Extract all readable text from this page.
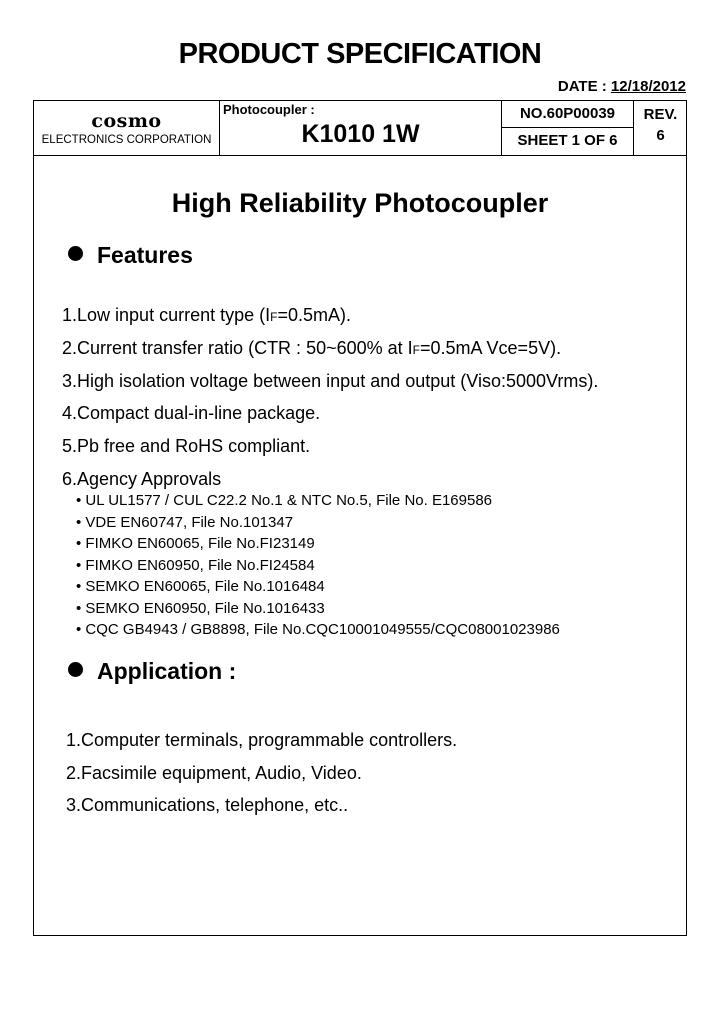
PRODUCT SPECIFICATION
DATE : 12/18/2012
cosmo
ELECTRONICS CORPORATION
Photocoupler :
K1010 1W
NO.60P00039
SHEET 1 OF 6
REV.
6
High Reliability Photocoupler
Features
1.Low input current type (IF=0.5mA).
2.Current transfer ratio (CTR : 50~600% at IF=0.5mA Vce=5V).
3.High isolation voltage between input and output (Viso:5000Vrms).
4.Compact dual-in-line package.
5.Pb free and RoHS compliant.
6.Agency Approvals
• UL UL1577 / CUL C22.2 No.1 & NTC No.5, File No. E169586
• VDE EN60747, File No.101347
• FIMKO EN60065, File No.FI23149
• FIMKO EN60950, File No.FI24584
• SEMKO EN60065, File No.1016484
• SEMKO EN60950, File No.1016433
• CQC GB4943 / GB8898, File No.CQC10001049555/CQC08001023986
Application :
1.Computer terminals, programmable controllers.
2.Facsimile equipment, Audio, Video.
3.Communications, telephone, etc..
